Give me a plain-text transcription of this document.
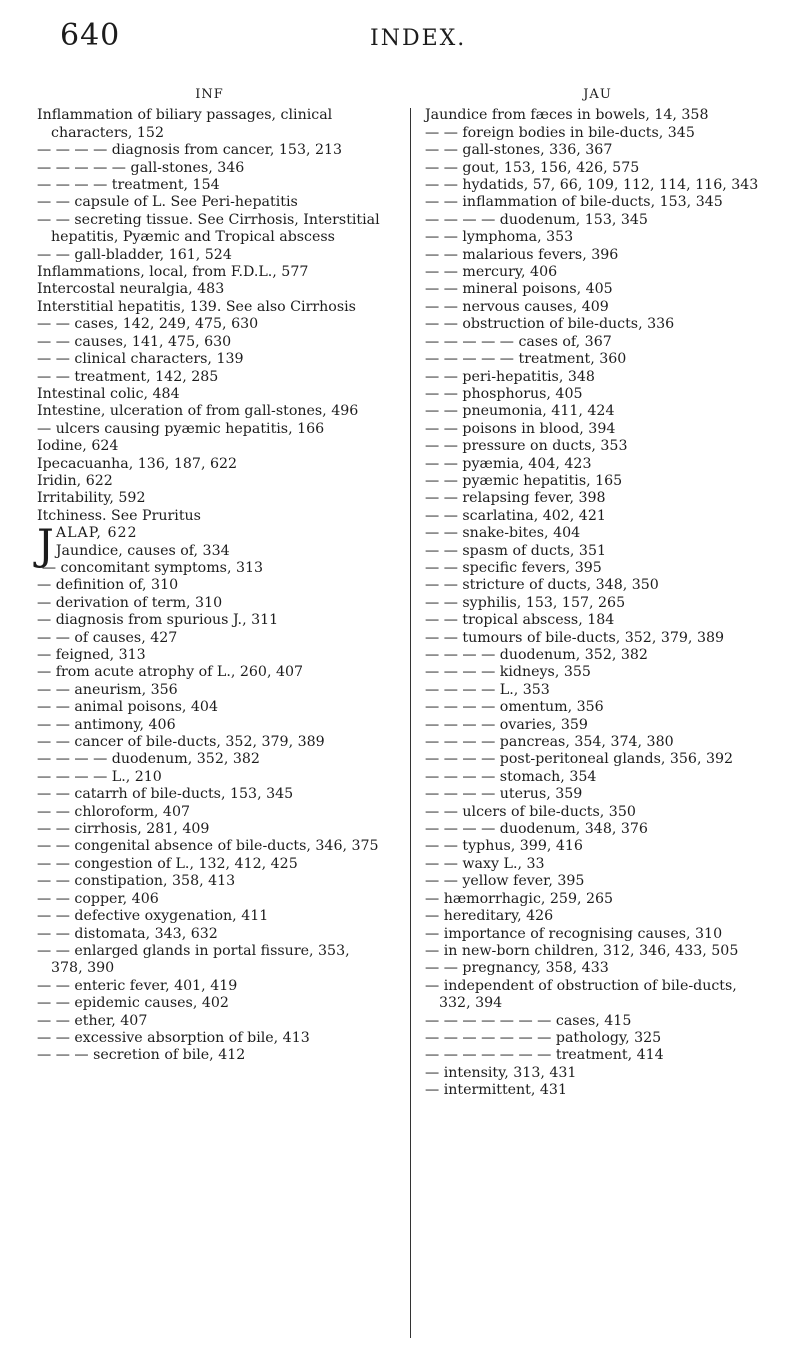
640	INDEX.
INF
Inflammation of biliary passages, clinical characters, 152
— — — — diagnosis from cancer, 153, 213
— — — — — gall-stones, 346
— — — — treatment, 154
— — capsule of L. See Peri-hepatitis
— — secreting tissue. See Cirrhosis, Interstitial hepatitis, Pyæmic and Tropical abscess
— — gall-bladder, 161, 524
Inflammations, local, from F.D.L., 577
Intercostal neuralgia, 483
Interstitial hepatitis, 139. See also Cirrhosis
— — cases, 142, 249, 475, 630
— — causes, 141, 475, 630
— — clinical characters, 139
— — treatment, 142, 285
Intestinal colic, 484
Intestine, ulceration of from gall-stones, 496
— ulcers causing pyæmic hepatitis, 166
Iodine, 624
Ipecacuanha, 136, 187, 622
Iridin, 622
Irritability, 592
Itchiness. See Pruritus
J ALAP, 622
Jaundice, causes of, 334
— concomitant symptoms, 313
— definition of, 310
— derivation of term, 310
— diagnosis from spurious J., 311
— — of causes, 427
— feigned, 313
— from acute atrophy of L., 260, 407
— — aneurism, 356
— — animal poisons, 404
— — antimony, 406
— — cancer of bile-ducts, 352, 379, 389
— — — — duodenum, 352, 382
— — — — L., 210
— — catarrh of bile-ducts, 153, 345
— — chloroform, 407
— — cirrhosis, 281, 409
— — congenital absence of bile-ducts, 346, 375
— — congestion of L., 132, 412, 425
— — constipation, 358, 413
— — copper, 406
— — defective oxygenation, 411
— — distomata, 343, 632
— — enlarged glands in portal fissure, 353, 378, 390
— — enteric fever, 401, 419
— — epidemic causes, 402
— — ether, 407
— — excessive absorption of bile, 413
— — — secretion of bile, 412
JAU
Jaundice from fæces in bowels, 14, 358
— — foreign bodies in bile-ducts, 345
— — gall-stones, 336, 367
— — gout, 153, 156, 426, 575
— — hydatids, 57, 66, 109, 112, 114, 116, 343
— — inflammation of bile-ducts, 153, 345
— — — — duodenum, 153, 345
— — lymphoma, 353
— — malarious fevers, 396
— — mercury, 406
— — mineral poisons, 405
— — nervous causes, 409
— — obstruction of bile-ducts, 336
— — — — — cases of, 367
— — — — — treatment, 360
— — peri-hepatitis, 348
— — phosphorus, 405
— — pneumonia, 411, 424
— — poisons in blood, 394
— — pressure on ducts, 353
— — pyæmia, 404, 423
— — pyæmic hepatitis, 165
— — relapsing fever, 398
— — scarlatina, 402, 421
— — snake-bites, 404
— — spasm of ducts, 351
— — specific fevers, 395
— — stricture of ducts, 348, 350
— — syphilis, 153, 157, 265
— — tropical abscess, 184
— — tumours of bile-ducts, 352, 379, 389
— — — — duodenum, 352, 382
— — — — kidneys, 355
— — — — L., 353
— — — — omentum, 356
— — — — ovaries, 359
— — — — pancreas, 354, 374, 380
— — — — post-peritoneal glands, 356, 392
— — — — stomach, 354
— — — — uterus, 359
— — ulcers of bile-ducts, 350
— — — — duodenum, 348, 376
— — typhus, 399, 416
— — waxy L., 33
— — yellow fever, 395
— hæmorrhagic, 259, 265
— hereditary, 426
— importance of recognising causes, 310
— in new-born children, 312, 346, 433, 505
— — pregnancy, 358, 433
— independent of obstruction of bile-ducts, 332, 394
— — — — — — — cases, 415
— — — — — — — pathology, 325
— — — — — — — treatment, 414
— intensity, 313, 431
— intermittent, 431
